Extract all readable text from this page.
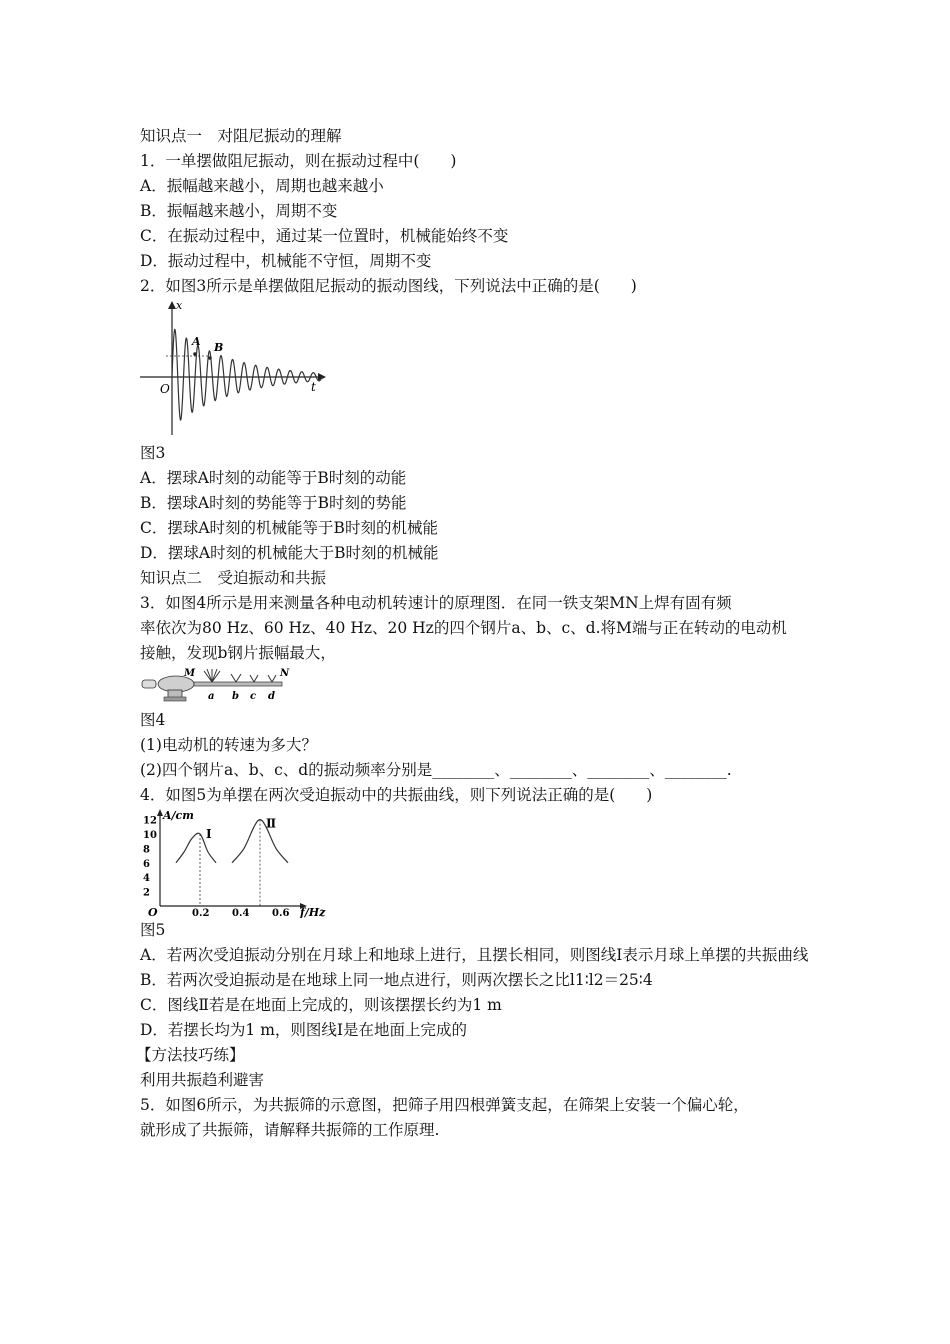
知识点一　对阻尼振动的理解
1．一单摆做阻尼振动，则在振动过程中(　　)
A．振幅越来越小，周期也越来越小
B．振幅越来越小，周期不变
C．在振动过程中，通过某一位置时，机械能始终不变
D．振动过程中，机械能不守恒，周期不变
2．如图3所示是单摆做阻尼振动的振动图线，下列说法中正确的是(　　)
x
t
O
A B
图3
A．摆球A时刻的动能等于B时刻的动能
B．摆球A时刻的势能等于B时刻的势能
C．摆球A时刻的机械能等于B时刻的机械能
D．摆球A时刻的机械能大于B时刻的机械能
知识点二　受迫振动和共振
3．如图4所示是用来测量各种电动机转速计的原理图．在同一铁支架MN上焊有固有频
率依次为80 Hz、60 Hz、40 Hz、20 Hz的四个钢片a、b、c、d.将M端与正在转动的电动机
接触，发现b钢片振幅最大，
M	N
a b c d
图4
(1)电动机的转速为多大？
(2)四个钢片a、b、c、d的振动频率分别是________、________、________、________.
4．如图5为单摆在两次受迫振动中的共振曲线，则下列说法正确的是(　　)
A/cm
f/Hz
O
2
4
6
8
10
12
0.2 0.4 0.6
Ⅰ
Ⅱ
图5
A．若两次受迫振动分别在月球上和地球上进行，且摆长相同，则图线Ⅰ表示月球上单摆的共振曲线
B．若两次受迫振动是在地球上同一地点进行，则两次摆长之比l1∶l2＝25∶4
C．图线Ⅱ若是在地面上完成的，则该摆摆长约为1 m
D．若摆长均为1 m，则图线Ⅰ是在地面上完成的
【方法技巧练】
利用共振趋利避害
5．如图6所示，为共振筛的示意图，把筛子用四根弹簧支起，在筛架上安装一个偏心轮，
就形成了共振筛，请解释共振筛的工作原理.
